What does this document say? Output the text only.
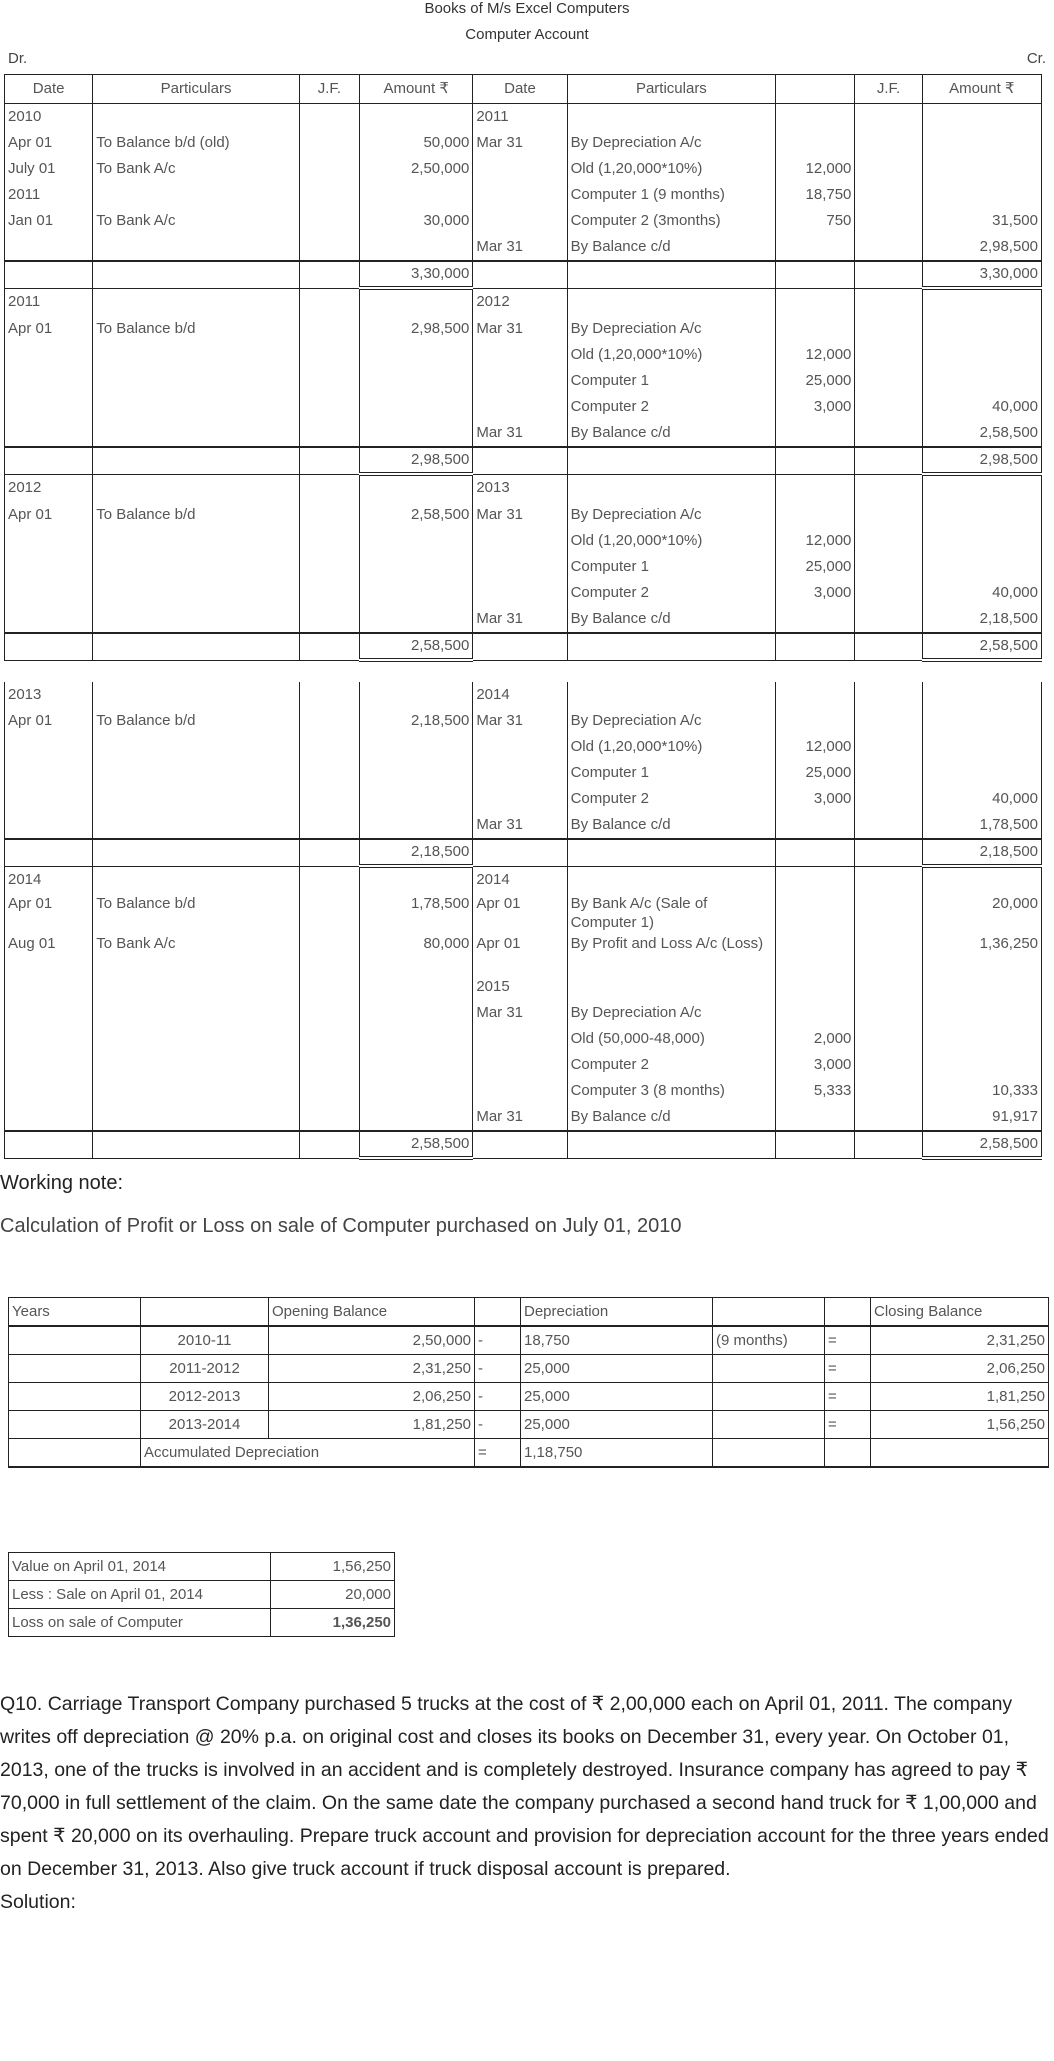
Books of M/s Excel Computers
Computer Account
Dr.	Cr.
Date	Particulars	J.F.	Amount ₹	Date	Particulars		J.F.	Amount ₹
2010				2011				
Apr 01	To Balance b/d (old)		50,000	Mar 31	By Depreciation A/c			
July 01	To Bank A/c		2,50,000		Old (1,20,000*10%)	12,000		
2011					Computer 1 (9 months)	18,750		
Jan 01	To Bank A/c		30,000		Computer 2 (3months)	750		31,500
				Mar 31	By Balance c/d			2,98,500
			3,30,000					3,30,000
2011				2012				
Apr 01	To Balance b/d		2,98,500	Mar 31	By Depreciation A/c			
					Old (1,20,000*10%)	12,000		
					Computer 1	25,000		
					Computer 2	3,000		40,000
				Mar 31	By Balance c/d			2,58,500
			2,98,500					2,98,500
2012				2013				
Apr 01	To Balance b/d		2,58,500	Mar 31	By Depreciation A/c			
					Old (1,20,000*10%)	12,000		
					Computer 1	25,000		
					Computer 2	3,000		40,000
				Mar 31	By Balance c/d			2,18,500
			2,58,500					2,58,500
2013				2014				
Apr 01	To Balance b/d		2,18,500	Mar 31	By Depreciation A/c			
					Old (1,20,000*10%)	12,000		
					Computer 1	25,000		
					Computer 2	3,000		40,000
				Mar 31	By Balance c/d			1,78,500
			2,18,500					2,18,500
2014				2014				
Apr 01	To Balance b/d		1,78,500	Apr 01	By Bank A/c (Sale of Computer 1)			20,000
Aug 01	To Bank A/c		80,000	Apr 01	By Profit and Loss A/c (Loss)			1,36,250
				2015				
				Mar 31	By Depreciation A/c			
					Old (50,000-48,000)	2,000		
					Computer 2	3,000		
					Computer 3 (8 months)	5,333		10,333
				Mar 31	By Balance c/d			91,917
			2,58,500					2,58,500
Working note:
Calculation of Profit or Loss on sale of Computer purchased on July 01, 2010
Years		Opening Balance		Depreciation			Closing Balance
	2010-11	2,50,000	-	18,750	(9 months)	=	2,31,250
	2011-2012	2,31,250	-	25,000		=	2,06,250
	2012-2013	2,06,250	-	25,000		=	1,81,250
	2013-2014	1,81,250	-	25,000		=	1,56,250
	Accumulated Depreciation		=	1,18,750			
Value on April 01, 2014	1,56,250
Less : Sale on April 01, 2014	20,000
Loss on sale of Computer	1,36,250
Q10. Carriage Transport Company purchased 5 trucks at the cost of ₹ 2,00,000 each on April 01, 2011. The company writes off depreciation @ 20% p.a. on original cost and closes its books on December 31, every year. On October 01, 2013, one of the trucks is involved in an accident and is completely destroyed. Insurance company has agreed to pay ₹ 70,000 in full settlement of the claim. On the same date the company purchased a second hand truck for ₹ 1,00,000 and spent ₹ 20,000 on its overhauling. Prepare truck account and provision for depreciation account for the three years ended on December 31, 2013. Also give truck account if truck disposal account is prepared.
Solution:
